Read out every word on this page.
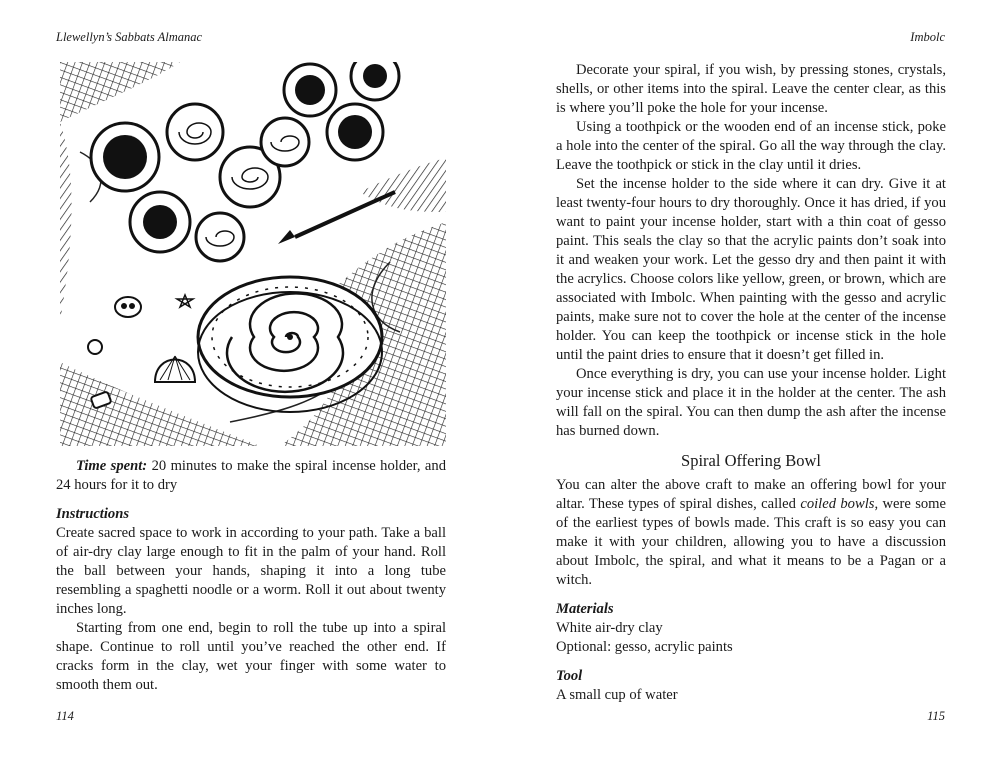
Llewellyn’s Sabbats Almanac	Imbolc

Time spent: 20 minutes to make the spiral incense holder, and 24 hours for it to dry

Instructions

Create sacred space to work in according to your path. Take a ball of air-dry clay large enough to fit in the palm of your hand. Roll the ball between your hands, shaping it into a long tube resembling a spaghetti noodle or a worm. Roll it out about twenty inches long.

Starting from one end, begin to roll the tube up into a spiral shape. Continue to roll until you’ve reached the other end. If cracks form in the clay, wet your finger with some water to smooth them out.

Decorate your spiral, if you wish, by pressing stones, crystals, shells, or other items into the spiral. Leave the center clear, as this is where you’ll poke the hole for your incense.

Using a toothpick or the wooden end of an incense stick, poke a hole into the center of the spiral. Go all the way through the clay. Leave the toothpick or stick in the clay until it dries.

Set the incense holder to the side where it can dry. Give it at least twenty-four hours to dry thoroughly. Once it has dried, if you want to paint your incense holder, start with a thin coat of gesso paint. This seals the clay so that the acrylic paints don’t soak into it and weaken your work. Let the gesso dry and then paint it with the acrylics. Choose colors like yellow, green, or brown, which are associated with Imbolc. When painting with the gesso and acrylic paints, make sure not to cover the hole at the center of the incense holder. You can keep the toothpick or incense stick in the hole until the paint dries to ensure that it doesn’t get filled in.

Once everything is dry, you can use your incense holder. Light your incense stick and place it in the holder at the center. The ash will fall on the spiral. You can then dump the ash after the incense has burned down.

Spiral Offering Bowl

You can alter the above craft to make an offering bowl for your altar. These types of spiral dishes, called coiled bowls, were some of the earliest types of bowls made. This craft is so easy you can make it with your children, allowing you to have a discussion about Imbolc, the spiral, and what it means to be a Pagan or a witch.

Materials

White air-dry clay
Optional: gesso, acrylic paints

Tool

A small cup of water

114	115
